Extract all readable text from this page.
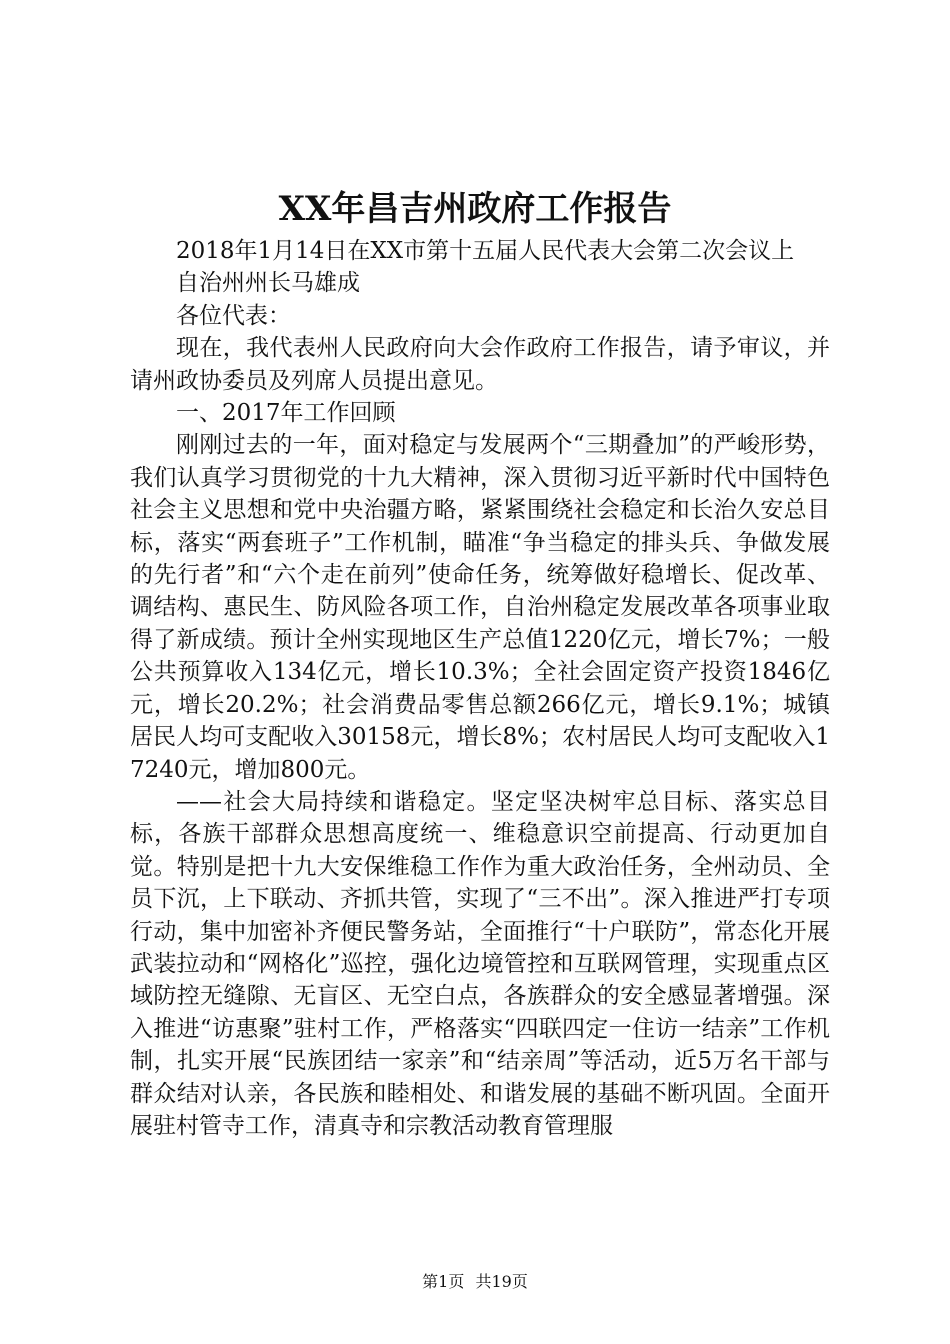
XX年昌吉州政府工作报告

2018年1月14日在XX市第十五届人民代表大会第二次会议上

自治州州长马雄成

各位代表：

现在，我代表州人民政府向大会作政府工作报告，请予审议，并请州政协委员及列席人员提出意见。

一、2017年工作回顾

刚刚过去的一年，面对稳定与发展两个“三期叠加”的严峻形势，我们认真学习贯彻党的十九大精神，深入贯彻习近平新时代中国特色社会主义思想和党中央治疆方略，紧紧围绕社会稳定和长治久安总目标，落实“两套班子”工作机制，瞄准“争当稳定的排头兵、争做发展的先行者”和“六个走在前列”使命任务，统筹做好稳增长、促改革、调结构、惠民生、防风险各项工作，自治州稳定发展改革各项事业取得了新成绩。预计全州实现地区生产总值1220亿元，增长7%；一般公共预算收入134亿元，增长10.3%；全社会固定资产投资1846亿元，增长20.2%；社会消费品零售总额266亿元，增长9.1%；城镇居民人均可支配收入30158元，增长8%；农村居民人均可支配收入17240元，增加800元。

——社会大局持续和谐稳定。坚定坚决树牢总目标、落实总目标，各族干部群众思想高度统一、维稳意识空前提高、行动更加自觉。特别是把十九大安保维稳工作作为重大政治任务，全州动员、全员下沉，上下联动、齐抓共管，实现了“三不出”。深入推进严打专项行动，集中加密补齐便民警务站，全面推行“十户联防”，常态化开展武装拉动和“网格化”巡控，强化边境管控和互联网管理，实现重点区域防控无缝隙、无盲区、无空白点，各族群众的安全感显著增强。深入推进“访惠聚”驻村工作，严格落实“四联四定一住访一结亲”工作机制，扎实开展“民族团结一家亲”和“结亲周”等活动，近5万名干部与群众结对认亲，各民族和睦相处、和谐发展的基础不断巩固。全面开展驻村管寺工作，清真寺和宗教活动教育管理服

第1页 共19页
